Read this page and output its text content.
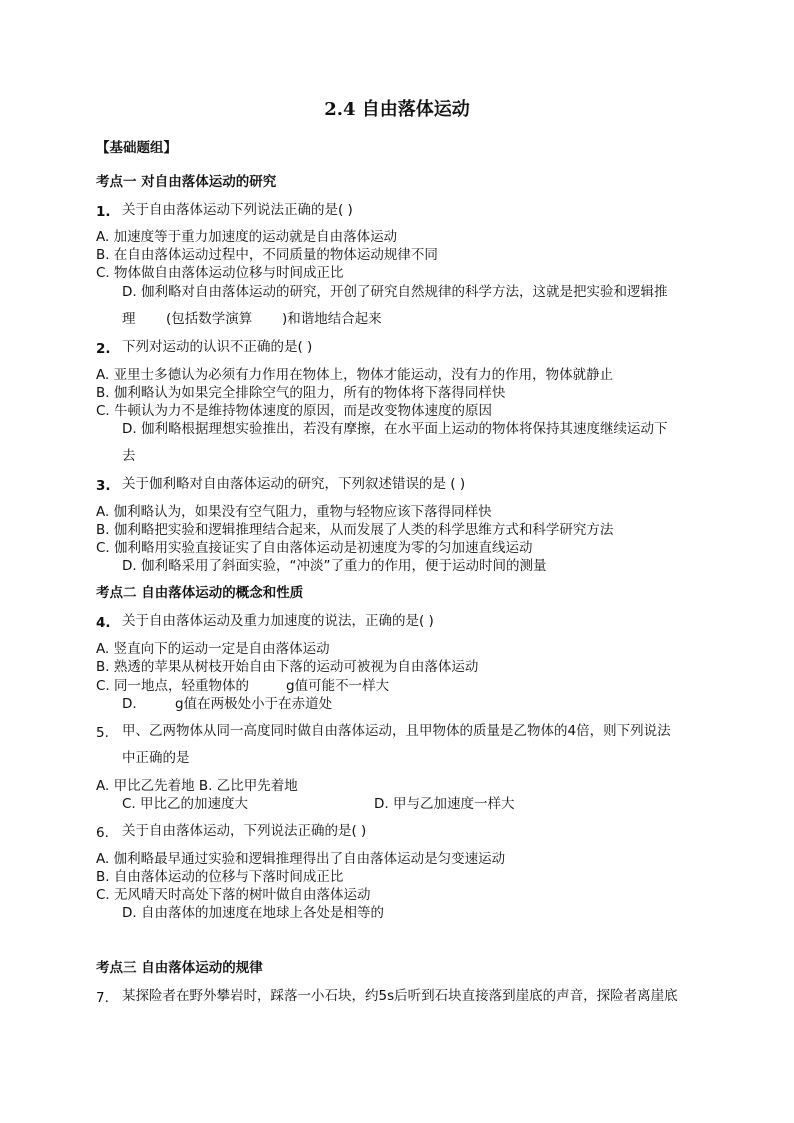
2.4 自由落体运动
【基础题组】
考点一 对自由落体运动的研究
1. 关于自由落体运动下列说法正确的是( )
A. 加速度等于重力加速度的运动就是自由落体运动
B. 在自由落体运动过程中，不同质量的物体运动规律不同
C. 物体做自由落体运动位移与时间成正比
D. 伽利略对自由落体运动的研究，开创了研究自然规律的科学方法，这就是把实验和逻辑推
理 (包括数学演算 )和谐地结合起来
2. 下列对运动的认识不正确的是( )
A. 亚里士多德认为必须有力作用在物体上，物体才能运动，没有力的作用，物体就静止
B. 伽利略认为如果完全排除空气的阻力，所有的物体将下落得同样快
C. 牛顿认为力不是维持物体速度的原因，而是改变物体速度的原因
D. 伽利略根据理想实验推出，若没有摩擦，在水平面上运动的物体将保持其速度继续运动下
去
3. 关于伽利略对自由落体运动的研究，下列叙述错误的是 ( )
A. 伽利略认为，如果没有空气阻力，重物与轻物应该下落得同样快
B. 伽利略把实验和逻辑推理结合起来，从而发展了人类的科学思维方式和科学研究方法
C. 伽利略用实验直接证实了自由落体运动是初速度为零的匀加速直线运动
D. 伽利略采用了斜面实验，“冲淡”了重力的作用，便于运动时间的测量
考点二 自由落体运动的概念和性质
4. 关于自由落体运动及重力加速度的说法，正确的是( )
A. 竖直向下的运动一定是自由落体运动
B. 熟透的苹果从树枝开始自由下落的运动可被视为自由落体运动
C. 同一地点，轻重物体的	g值可能不一样大
D.	g值在两极处小于在赤道处
5. 甲、乙两物体从同一高度同时做自由落体运动，且甲物体的质量是乙物体的4倍，则下列说法
中正确的是
A. 甲比乙先着地 B. 乙比甲先着地
C. 甲比乙的加速度大	D. 甲与乙加速度一样大
6. 关于自由落体运动，下列说法正确的是( )
A. 伽利略最早通过实验和逻辑推理得出了自由落体运动是匀变速运动
B. 自由落体运动的位移与下落时间成正比
C. 无风晴天时高处下落的树叶做自由落体运动
D. 自由落体的加速度在地球上各处是相等的
考点三 自由落体运动的规律
7. 某探险者在野外攀岩时，踩落一小石块，约5s后听到石块直接落到崖底的声音，探险者离崖底
